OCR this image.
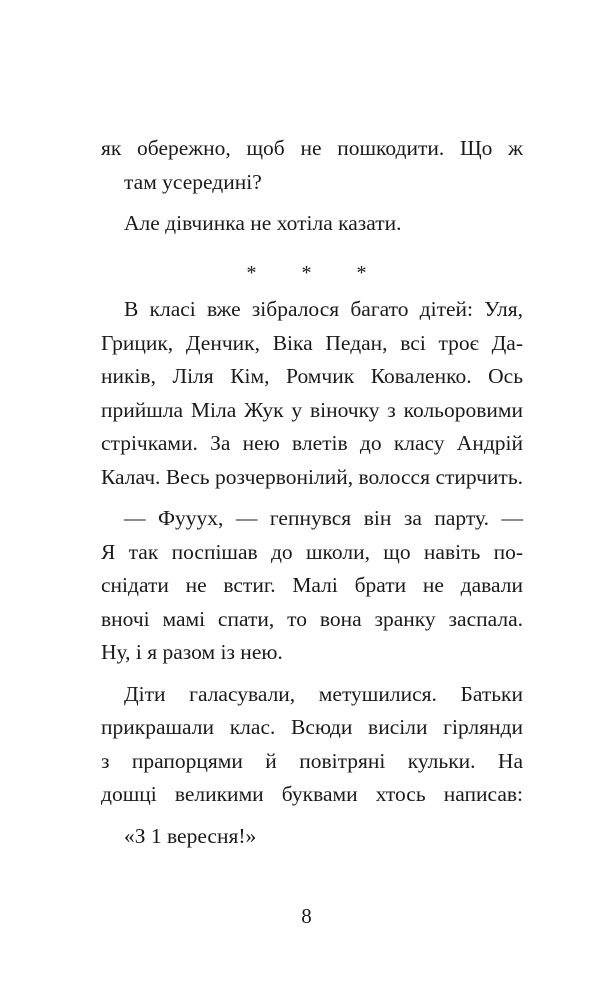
як обережно, щоб не пошкодити. Що ж
там усередині?
Але дівчинка не хотіла казати.
* * *
В класі вже зібралося багато дітей: Уля,
Грицик, Денчик, Віка Педан, всі троє Да-
ників, Ліля Кім, Ромчик Коваленко. Ось
прийшла Міла Жук у віночку з кольоровими
стрічками. За нею влетів до класу Андрій
Калач. Весь розчервонілий, волосся стирчить.
— Фууух, — гепнувся він за парту. —
Я так поспішав до школи, що навіть по-
снідати не встиг. Малі брати не давали
вночі мамі спати, то вона зранку заспала.
Ну, і я разом із нею.
Діти галасували, метушилися. Батьки
прикрашали клас. Всюди висіли гірлянди
з прапорцями й повітряні кульки. На
дошці великими буквами хтось написав:
«З 1 вересня!»
8
